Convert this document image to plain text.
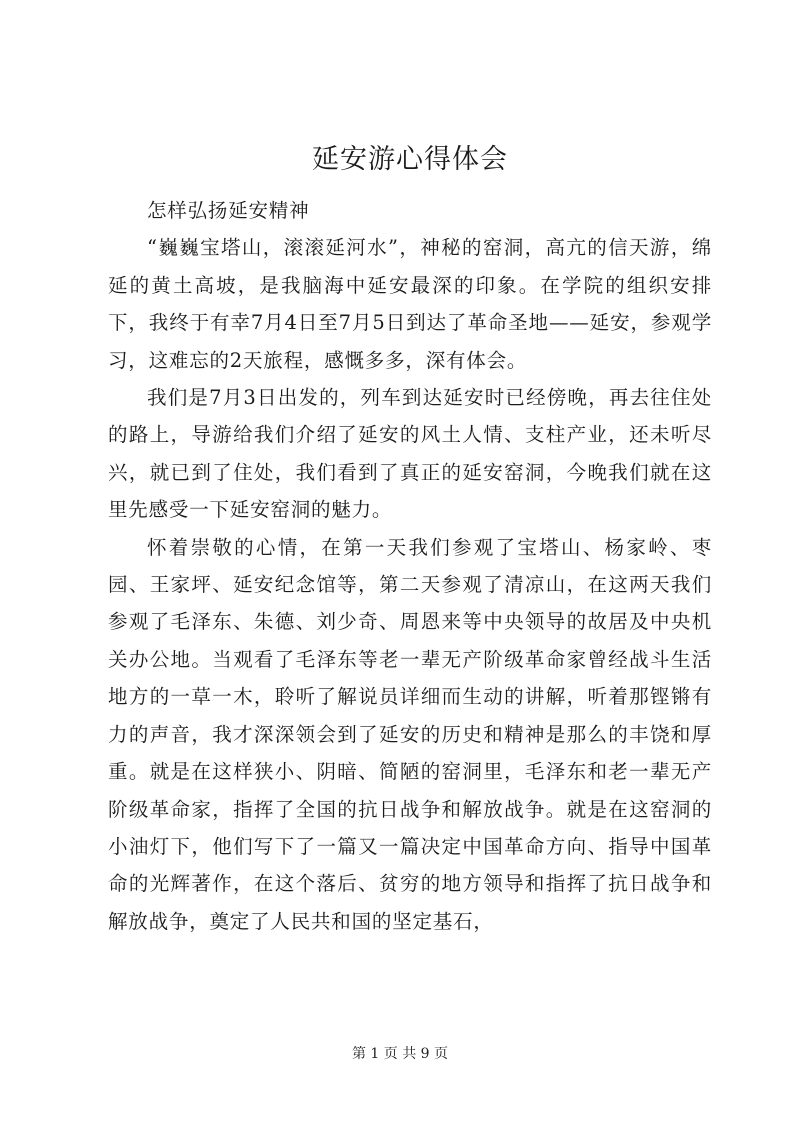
延安游心得体会

怎样弘扬延安精神

“巍巍宝塔山，滚滚延河水”，神秘的窑洞，高亢的信天游，绵延的黄土高坡，是我脑海中延安最深的印象。在学院的组织安排下，我终于有幸7月4日至7月5日到达了革命圣地——延安，参观学习，这难忘的2天旅程，感慨多多，深有体会。

我们是7月3日出发的，列车到达延安时已经傍晚，再去往住处的路上，导游给我们介绍了延安的风土人情、支柱产业，还未听尽兴，就已到了住处，我们看到了真正的延安窑洞，今晚我们就在这里先感受一下延安窑洞的魅力。

怀着崇敬的心情，在第一天我们参观了宝塔山、杨家岭、枣园、王家坪、延安纪念馆等，第二天参观了清凉山，在这两天我们参观了毛泽东、朱德、刘少奇、周恩来等中央领导的故居及中央机关办公地。当观看了毛泽东等老一辈无产阶级革命家曾经战斗生活地方的一草一木，聆听了解说员详细而生动的讲解，听着那铿锵有力的声音，我才深深领会到了延安的历史和精神是那么的丰饶和厚重。就是在这样狭小、阴暗、简陋的窑洞里，毛泽东和老一辈无产阶级革命家，指挥了全国的抗日战争和解放战争。就是在这窑洞的小油灯下，他们写下了一篇又一篇决定中国革命方向、指导中国革命的光辉著作，在这个落后、贫穷的地方领导和指挥了抗日战争和解放战争，奠定了人民共和国的坚定基石，

第 1 页 共 9 页
